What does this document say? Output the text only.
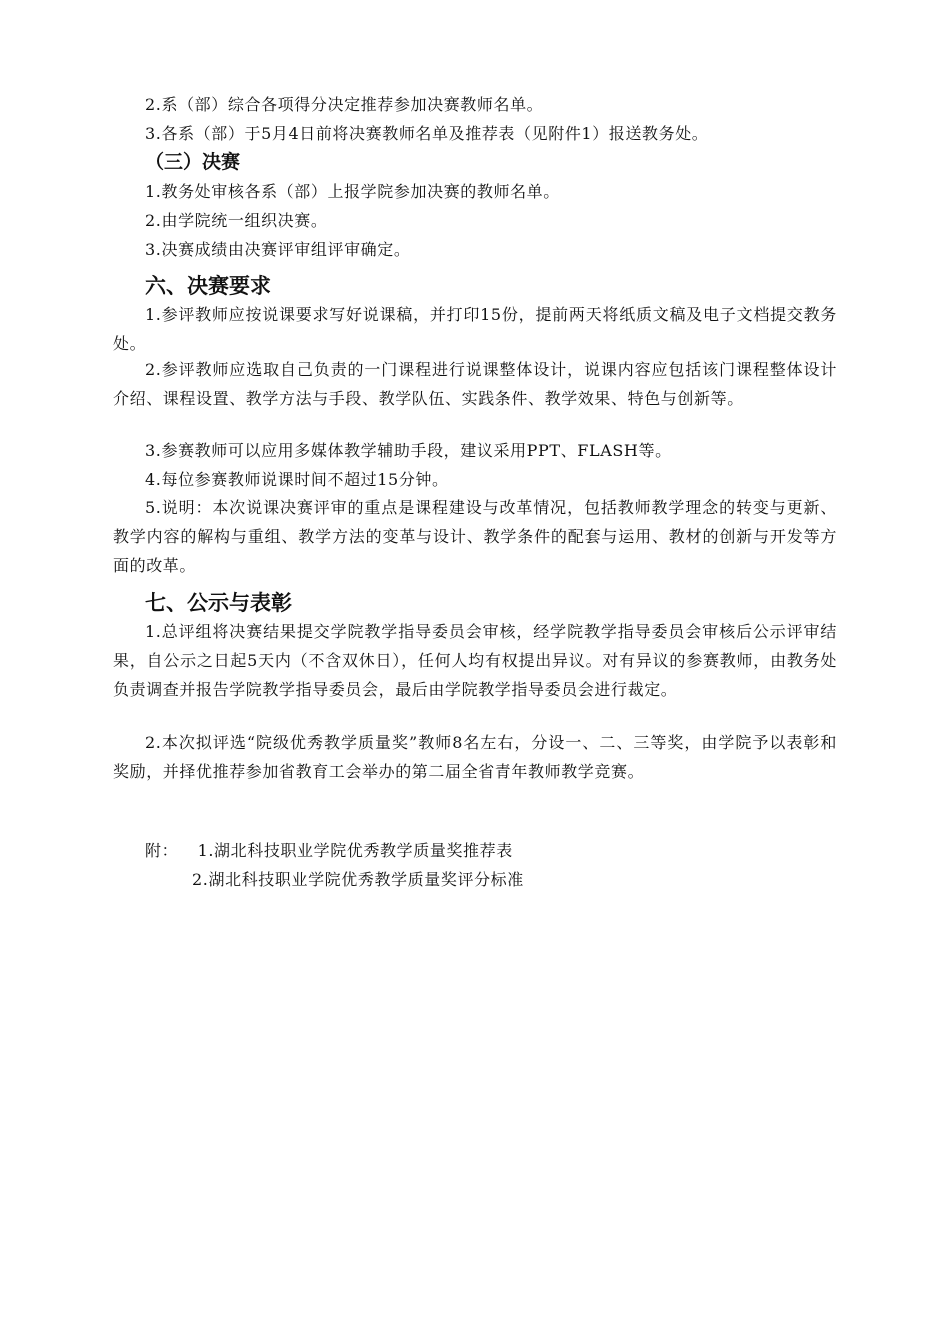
2.系（部）综合各项得分决定推荐参加决赛教师名单。

3.各系（部）于5月4日前将决赛教师名单及推荐表（见附件1）报送教务处。

（三）决赛

1.教务处审核各系（部）上报学院参加决赛的教师名单。

2.由学院统一组织决赛。

3.决赛成绩由决赛评审组评审确定。

六、决赛要求

1.参评教师应按说课要求写好说课稿，并打印15份，提前两天将纸质文稿及电子文档提交教务处。

2.参评教师应选取自己负责的一门课程进行说课整体设计，说课内容应包括该门课程整体设计介绍、课程设置、教学方法与手段、教学队伍、实践条件、教学效果、特色与创新等。

3.参赛教师可以应用多媒体教学辅助手段，建议采用PPT、FLASH等。

4.每位参赛教师说课时间不超过15分钟。

5.说明：本次说课决赛评审的重点是课程建设与改革情况，包括教师教学理念的转变与更新、教学内容的解构与重组、教学方法的变革与设计、教学条件的配套与运用、教材的创新与开发等方面的改革。

七、公示与表彰

1.总评组将决赛结果提交学院教学指导委员会审核，经学院教学指导委员会审核后公示评审结果，自公示之日起5天内（不含双休日），任何人均有权提出异议。对有异议的参赛教师，由教务处负责调查并报告学院教学指导委员会，最后由学院教学指导委员会进行裁定。

2.本次拟评选“院级优秀教学质量奖”教师8名左右，分设一、二、三等奖，由学院予以表彰和奖励，并择优推荐参加省教育工会举办的第二届全省青年教师教学竞赛。

附： 1.湖北科技职业学院优秀教学质量奖推荐表

2.湖北科技职业学院优秀教学质量奖评分标准
